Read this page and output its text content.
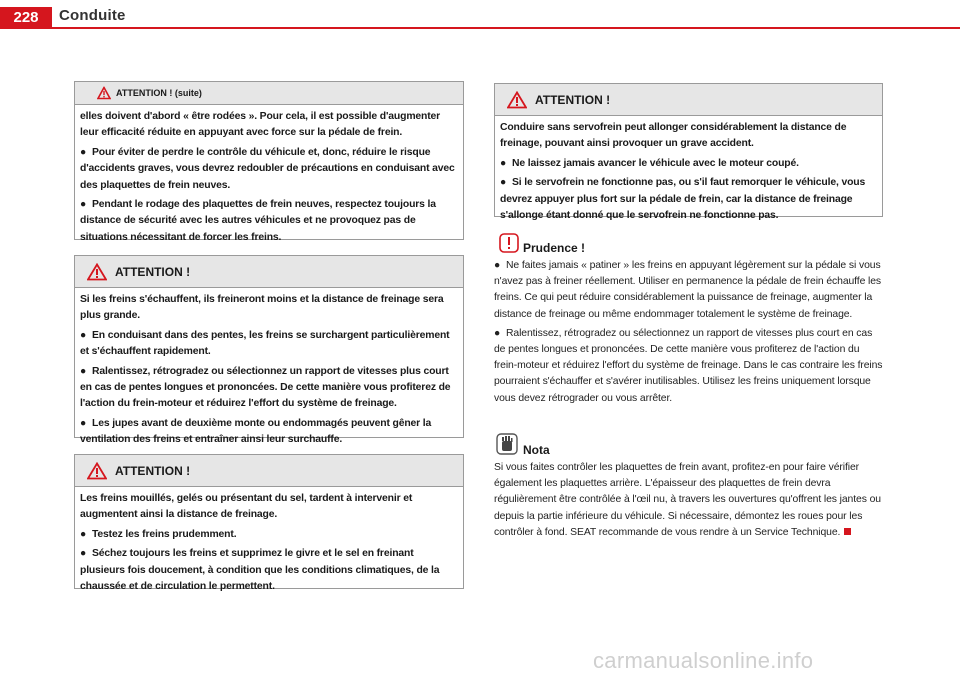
228	Conduite
ATTENTION ! (suite)

elles doivent d'abord « être rodées ». Pour cela, il est possible d'augmenter leur efficacité réduite en appuyant avec force sur la pédale de frein.

● Pour éviter de perdre le contrôle du véhicule et, donc, réduire le risque d'accidents graves, vous devrez redoubler de précautions en conduisant avec des plaquettes de frein neuves.

● Pendant le rodage des plaquettes de frein neuves, respectez toujours la distance de sécurité avec les autres véhicules et ne provoquez pas de situations nécessitant de forcer les freins.

ATTENTION !

Si les freins s'échauffent, ils freineront moins et la distance de freinage sera plus grande.

● En conduisant dans des pentes, les freins se surchargent particulièrement et s'échauffent rapidement.

● Ralentissez, rétrogradez ou sélectionnez un rapport de vitesses plus court en cas de pentes longues et prononcées. De cette manière vous profiterez de l'action du frein-moteur et réduirez l'effort du système de freinage.

● Les jupes avant de deuxième monte ou endommagés peuvent gêner la ventilation des freins et entraîner ainsi leur surchauffe.

ATTENTION !

Les freins mouillés, gelés ou présentant du sel, tardent à intervenir et augmentent ainsi la distance de freinage.

● Testez les freins prudemment.

● Séchez toujours les freins et supprimez le givre et le sel en freinant plusieurs fois doucement, à condition que les conditions climatiques, de la chaussée et de circulation le permettent.

ATTENTION !

Conduire sans servofrein peut allonger considérablement la distance de freinage, pouvant ainsi provoquer un grave accident.

● Ne laissez jamais avancer le véhicule avec le moteur coupé.

● Si le servofrein ne fonctionne pas, ou s'il faut remorquer le véhicule, vous devrez appuyer plus fort sur la pédale de frein, car la distance de freinage s'allonge étant donné que le servofrein ne fonctionne pas.

Prudence !

● Ne faites jamais « patiner » les freins en appuyant légèrement sur la pédale si vous n'avez pas à freiner réellement. Utiliser en permanence la pédale de frein échauffe les freins. Ce qui peut réduire considérablement la puissance de freinage, augmenter la distance de freinage ou même endommager totalement le système de freinage.

● Ralentissez, rétrogradez ou sélectionnez un rapport de vitesses plus court en cas de pentes longues et prononcées. De cette manière vous profiterez de l'action du frein-moteur et réduirez l'effort du système de freinage. Dans le cas contraire les freins pourraient s'échauffer et s'avérer inutilisables. Utilisez les freins uniquement lorsque vous devez rétrograder ou vous arrêter.

Nota

Si vous faites contrôler les plaquettes de frein avant, profitez-en pour faire vérifier également les plaquettes arrière. L'épaisseur des plaquettes de frein devra régulièrement être contrôlée à l'œil nu, à travers les ouvertures qu'offrent les jantes ou depuis la partie inférieure du véhicule. Si nécessaire, démontez les roues pour les contrôler à fond. SEAT recommande de vous rendre à un Service Technique.

carmanualsonline.info
